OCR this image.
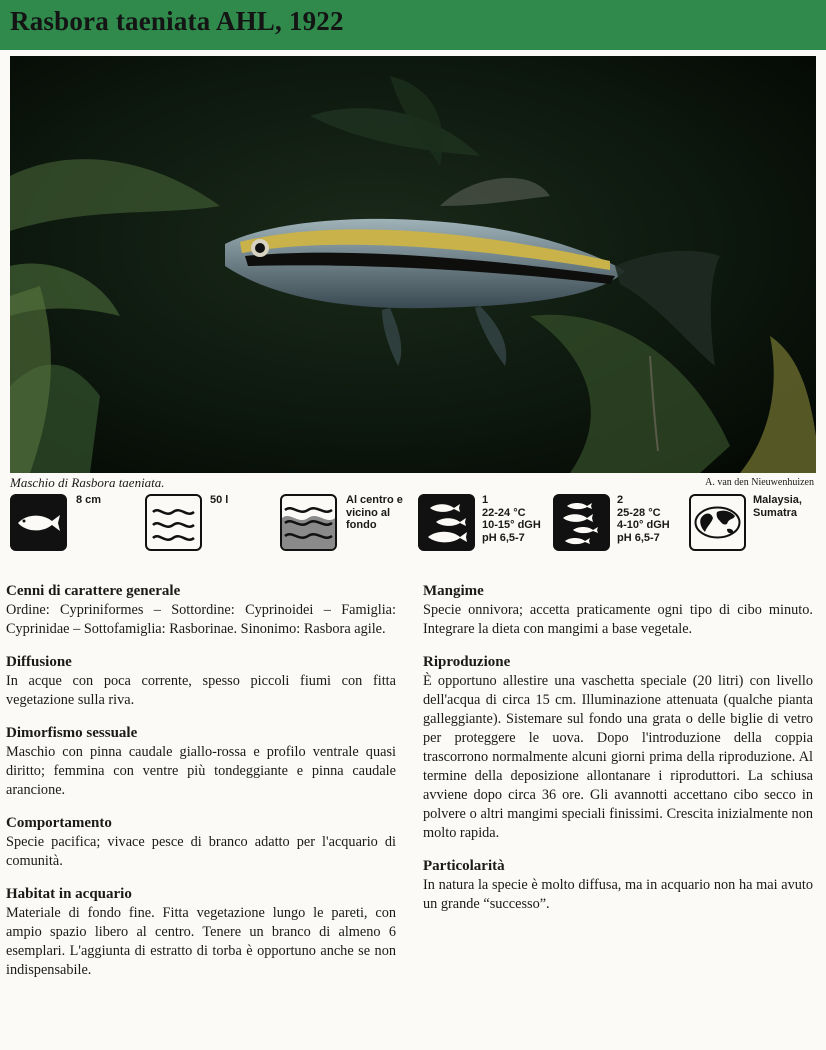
Rasbora taeniata AHL, 1922
Maschio di Rasbora taeniata.	A. van den Nieuwenhuizen
8 cm	50 l	Al centro e
vicino al
fondo
1
22-24 °C
10-15° dGH
pH 6,5-7
2
25-28 °C
4-10° dGH
pH 6,5-7
Malaysia,
Sumatra
Cenni di carattere generale

Ordine: Cypriniformes – Sottordine: Cyprinoidei – Famiglia: Cyprinidae – Sottofamiglia: Rasborinae. Sinonimo: Rasbora agile.

Diffusione

In acque con poca corrente, spesso piccoli fiumi con fitta vegetazione sulla riva.

Dimorfismo sessuale

Maschio con pinna caudale giallo-rossa e profilo ventrale quasi diritto; femmina con ventre più tondeggiante e pinna caudale arancione.

Comportamento

Specie pacifica; vivace pesce di branco adatto per l'acquario di comunità.

Habitat in acquario

Materiale di fondo fine. Fitta vegetazione lungo le pareti, con ampio spazio libero al centro. Tenere un branco di almeno 6 esemplari. L'aggiunta di estratto di torba è opportuno anche se non indispensabile.

Mangime

Specie onnivora; accetta praticamente ogni tipo di cibo minuto. Integrare la dieta con mangimi a base vegetale.

Riproduzione

È opportuno allestire una vaschetta speciale (20 litri) con livello dell'acqua di circa 15 cm. Illuminazione attenuata (qualche pianta galleggiante). Sistemare sul fondo una grata o delle biglie di vetro per proteggere le uova. Dopo l'introduzione della coppia trascorrono normalmente alcuni giorni prima della riproduzione. Al termine della deposizione allontanare i riproduttori. La schiusa avviene dopo circa 36 ore. Gli avannotti accettano cibo secco in polvere o altri mangimi speciali finissimi. Crescita inizialmente non molto rapida.

Particolarità

In natura la specie è molto diffusa, ma in acquario non ha mai avuto un grande “successo”.
